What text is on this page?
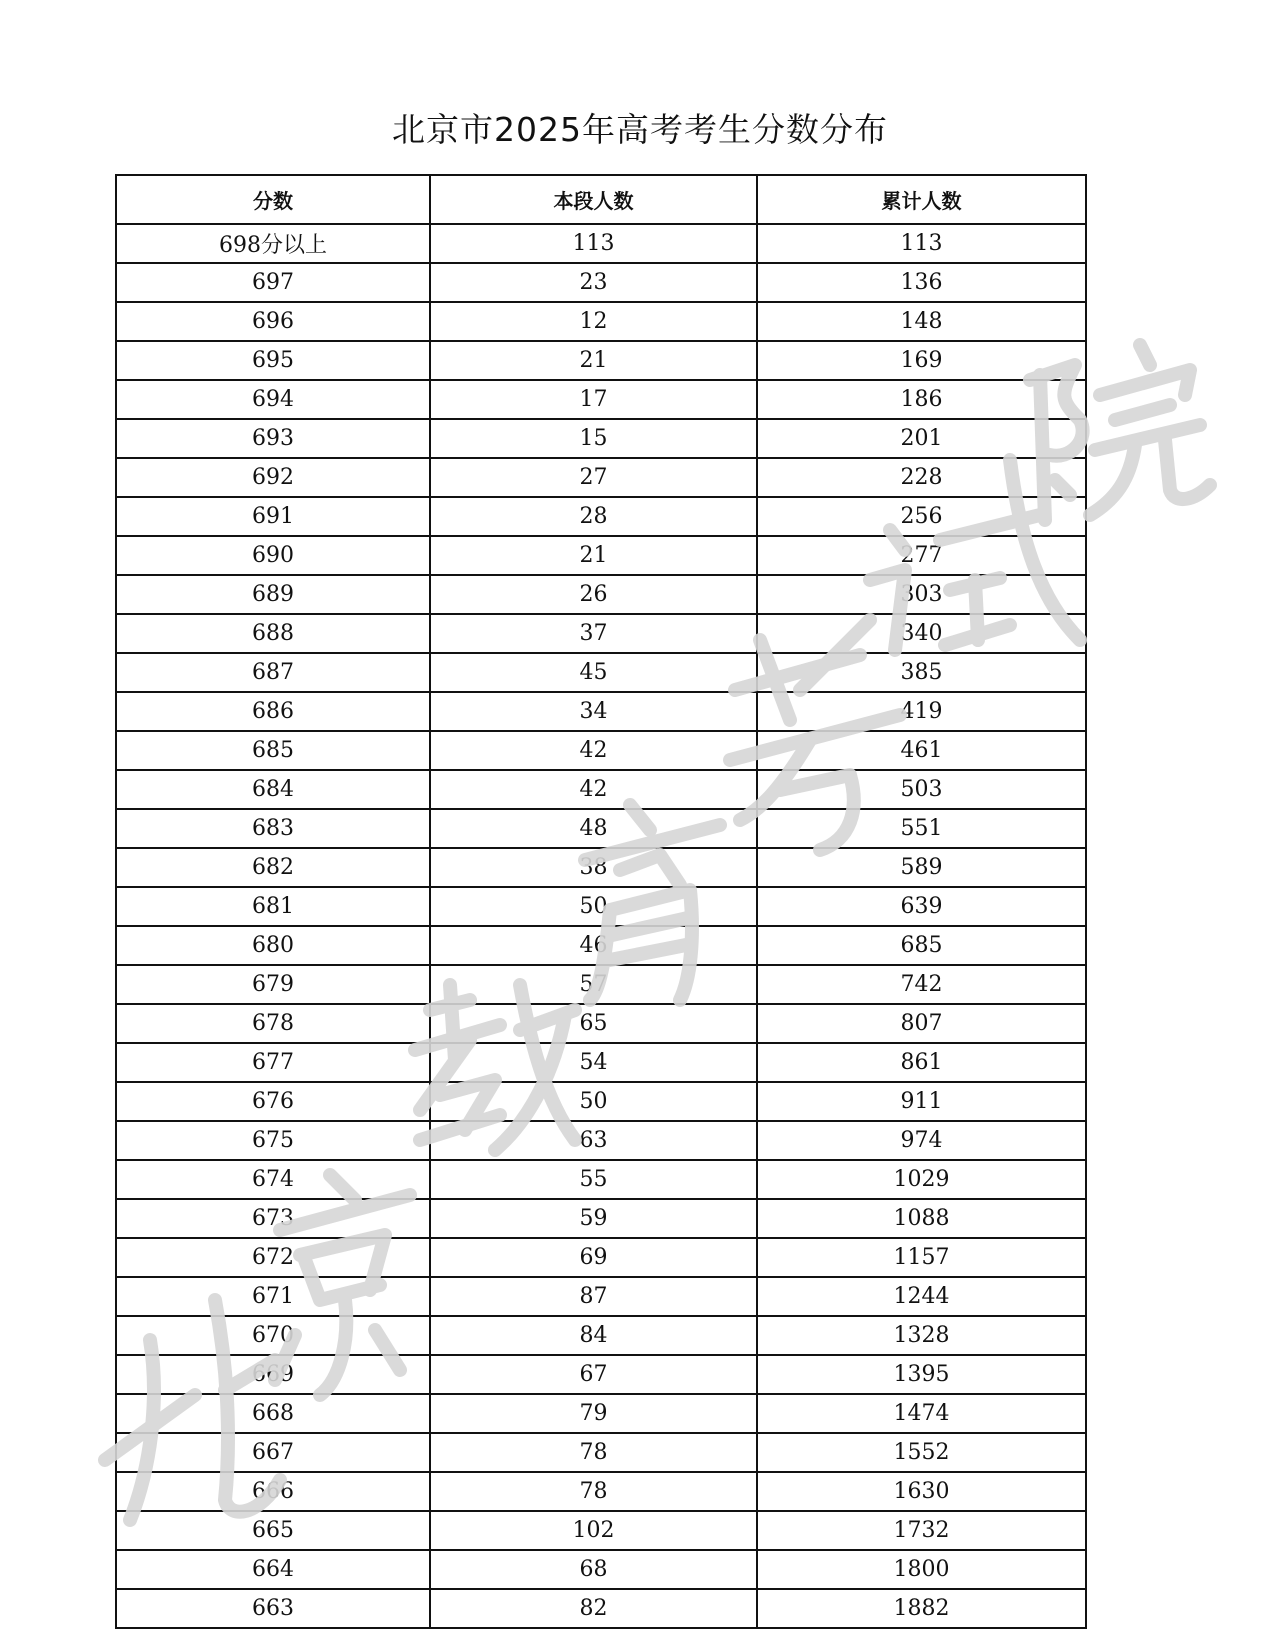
北京市2025年高考考生分数分布
分数	本段人数	累计人数
698分以上	113	113
697	23	136
696	12	148
695	21	169
694	17	186
693	15	201
692	27	228
691	28	256
690	21	277
689	26	303
688	37	340
687	45	385
686	34	419
685	42	461
684	42	503
683	48	551
682	38	589
681	50	639
680	46	685
679	57	742
678	65	807
677	54	861
676	50	911
675	63	974
674	55	1029
673	59	1088
672	69	1157
671	87	1244
670	84	1328
669	67	1395
668	79	1474
667	78	1552
666	78	1630
665	102	1732
664	68	1800
663	82	1882
